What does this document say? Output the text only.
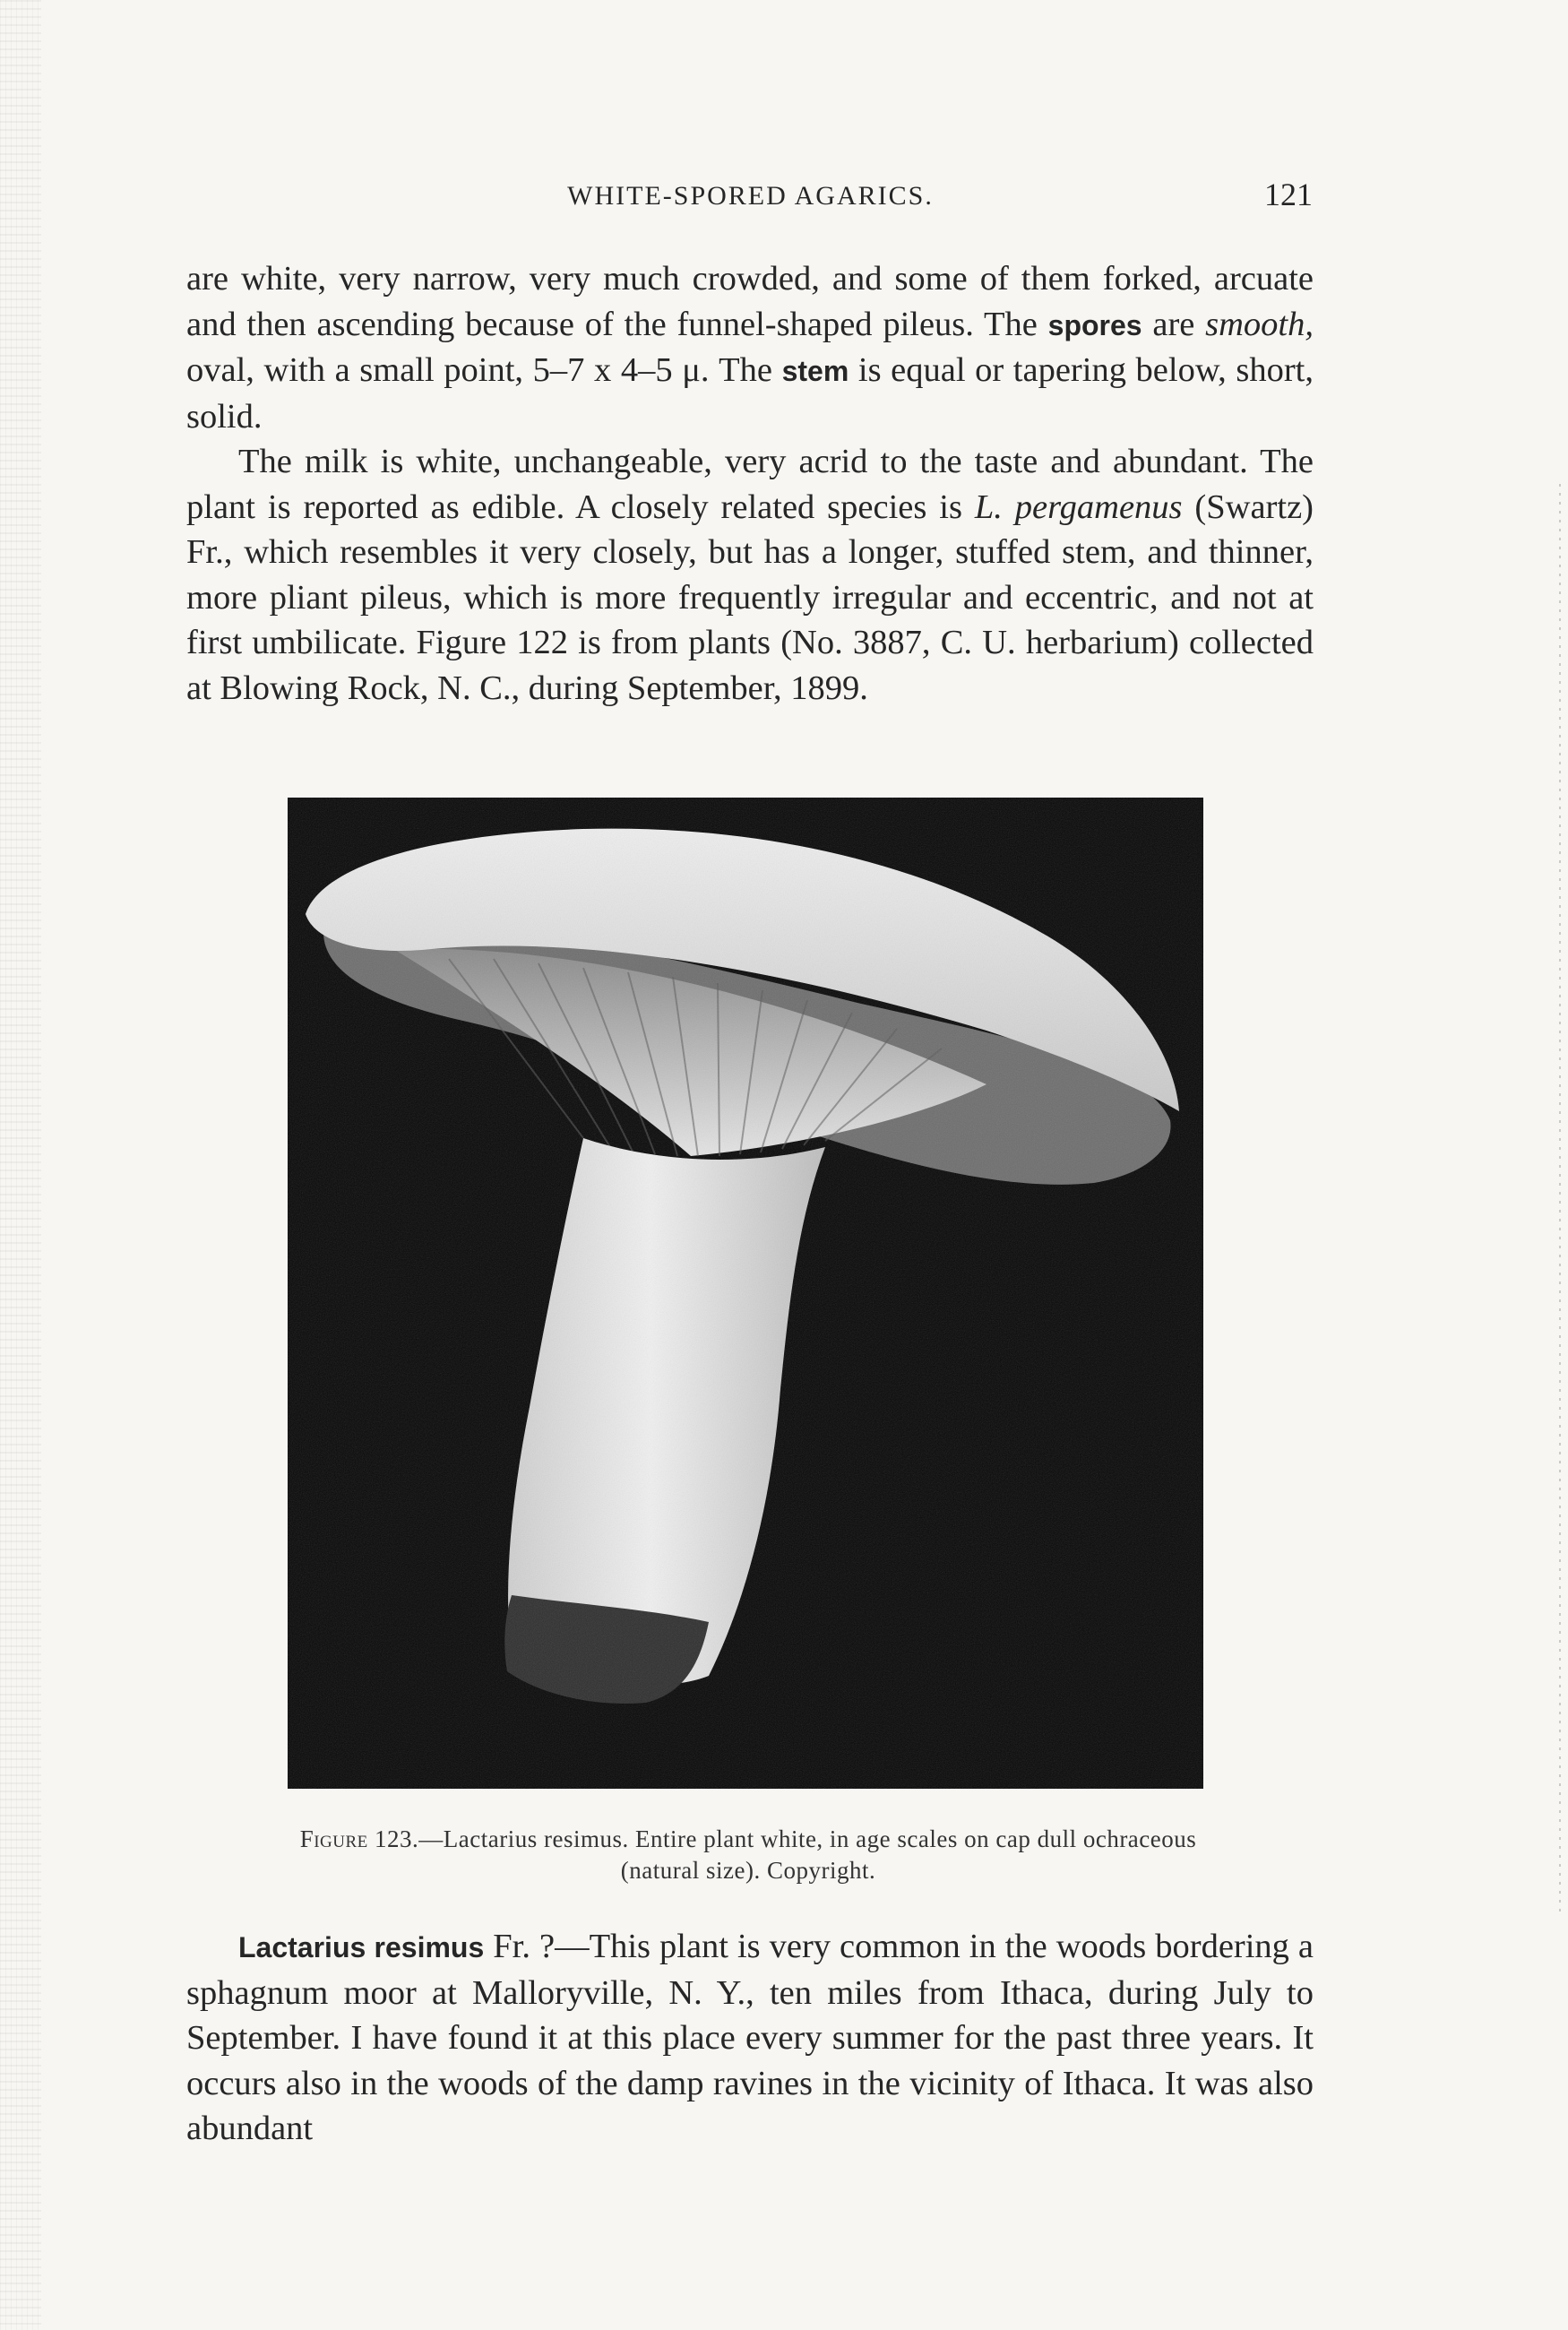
WHITE-SPORED AGARICS.	121

are white, very narrow, very much crowded, and some of them forked, arcuate and then ascending because of the funnel-shaped pileus. The spores are smooth, oval, with a small point, 5–7 x 4–5 μ. The stem is equal or tapering below, short, solid.

The milk is white, unchangeable, very acrid to the taste and abundant. The plant is reported as edible. A closely related species is L. pergamenus (Swartz) Fr., which resembles it very closely, but has a longer, stuffed stem, and thinner, more pliant pileus, which is more frequently irregular and eccentric, and not at first umbilicate. Figure 122 is from plants (No. 3887, C. U. herbarium) collected at Blowing Rock, N. C., during September, 1899.

Figure 123.—Lactarius resimus. Entire plant white, in age scales on cap dull ochraceous (natural size). Copyright.

Lactarius resimus Fr. ?—This plant is very common in the woods bordering a sphagnum moor at Malloryville, N. Y., ten miles from Ithaca, during July to September. I have found it at this place every summer for the past three years. It occurs also in the woods of the damp ravines in the vicinity of Ithaca. It was also abundant
